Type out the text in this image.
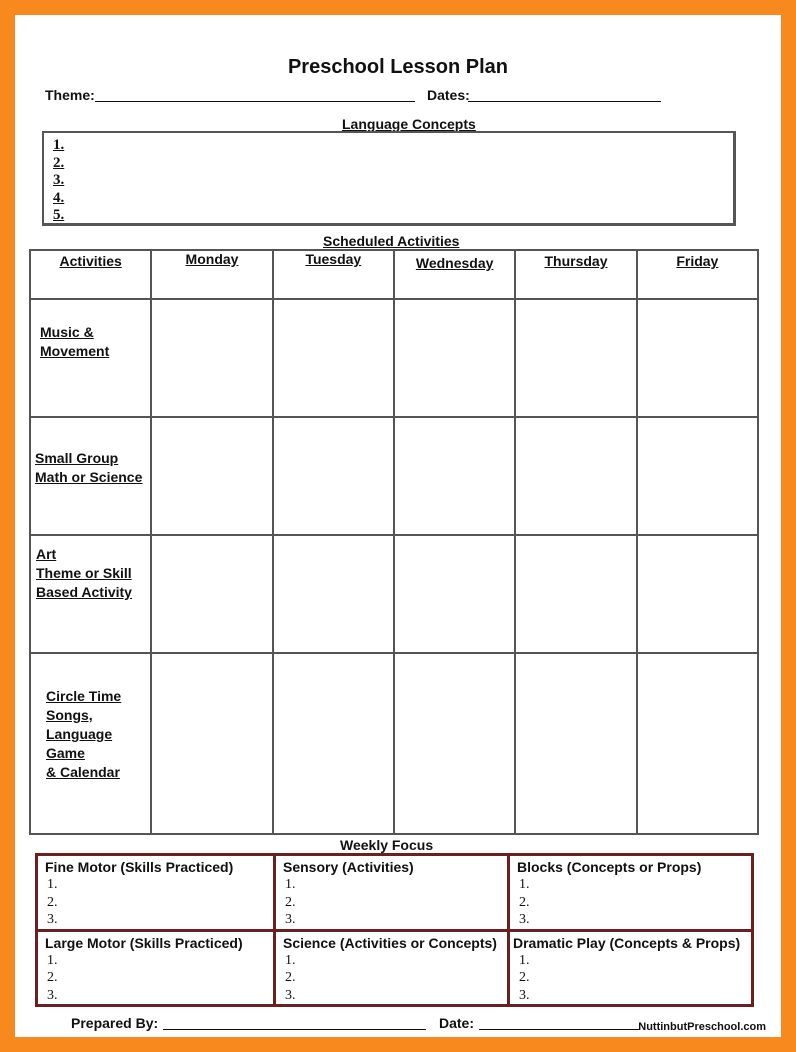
Preschool Lesson Plan
Theme:	Dates:
Language Concepts
1.
2.
3.
4.
5.
Scheduled Activities
Activities	Monday	Tuesday	Wednesday	Thursday	Friday

Music &
Movement					

Small Group
Math or Science					

Art
Theme or Skill
Based Activity					

Circle Time
Songs,
Language
Game
& Calendar					

Weekly Focus
Fine Motor (Skills Practiced)
1.
2.
3.	Sensory (Activities)
1.
2.
3.	Blocks (Concepts or Props)
1.
2.
3.

Large Motor (Skills Practiced)
1.
2.
3.	Science (Activities or Concepts)
1.
2.
3.	Dramatic Play (Concepts & Props)
1.
2.
3.
Prepared By:	Date:	NuttinbutPreschool.com
